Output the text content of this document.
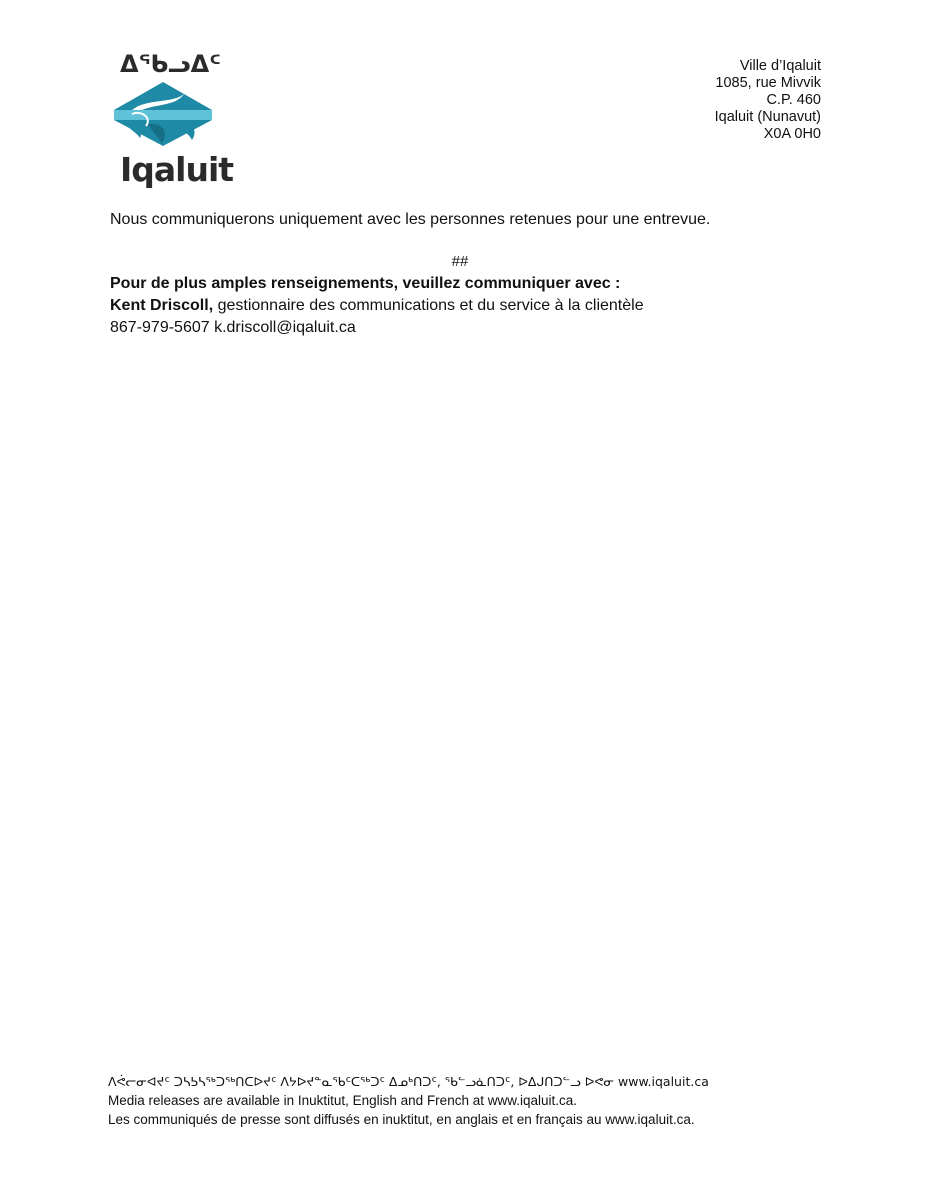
ᐃᖃᓗᐃᑦ
Iqaluit
Ville d’Iqaluit
1085, rue Mivvik
C.P. 460
Iqaluit (Nunavut)
X0A 0H0

Nous communiquerons uniquement avec les personnes retenues pour une entrevue.

##

Pour de plus amples renseignements, veuillez communiquer avec :

Kent Driscoll, gestionnaire des communications et du service à la clientèle

867-979-5607 k.driscoll@iqaluit.ca

ᐱᕚᓕᓂᐊᔪᑦ ᑐᓴᕊᓴᖅᑐᖅᑎᑕᐅᔪᑦ ᐱᔭᐅᔪᓐᓇᖃᑦᑕᖅᑐᑦ ᐃᓄᒃᑎᑐᑦ, ᖃᓪᓗᓈᑎᑐᑦ, ᐅᐃᒍᑎᑐᓪᓗ ᐅᕙᓂ www.iqaluit.ca
Media releases are available in Inuktitut, English and French at www.iqaluit.ca.
Les communiqués de presse sont diffusés en inuktitut, en anglais et en français au www.iqaluit.ca.
